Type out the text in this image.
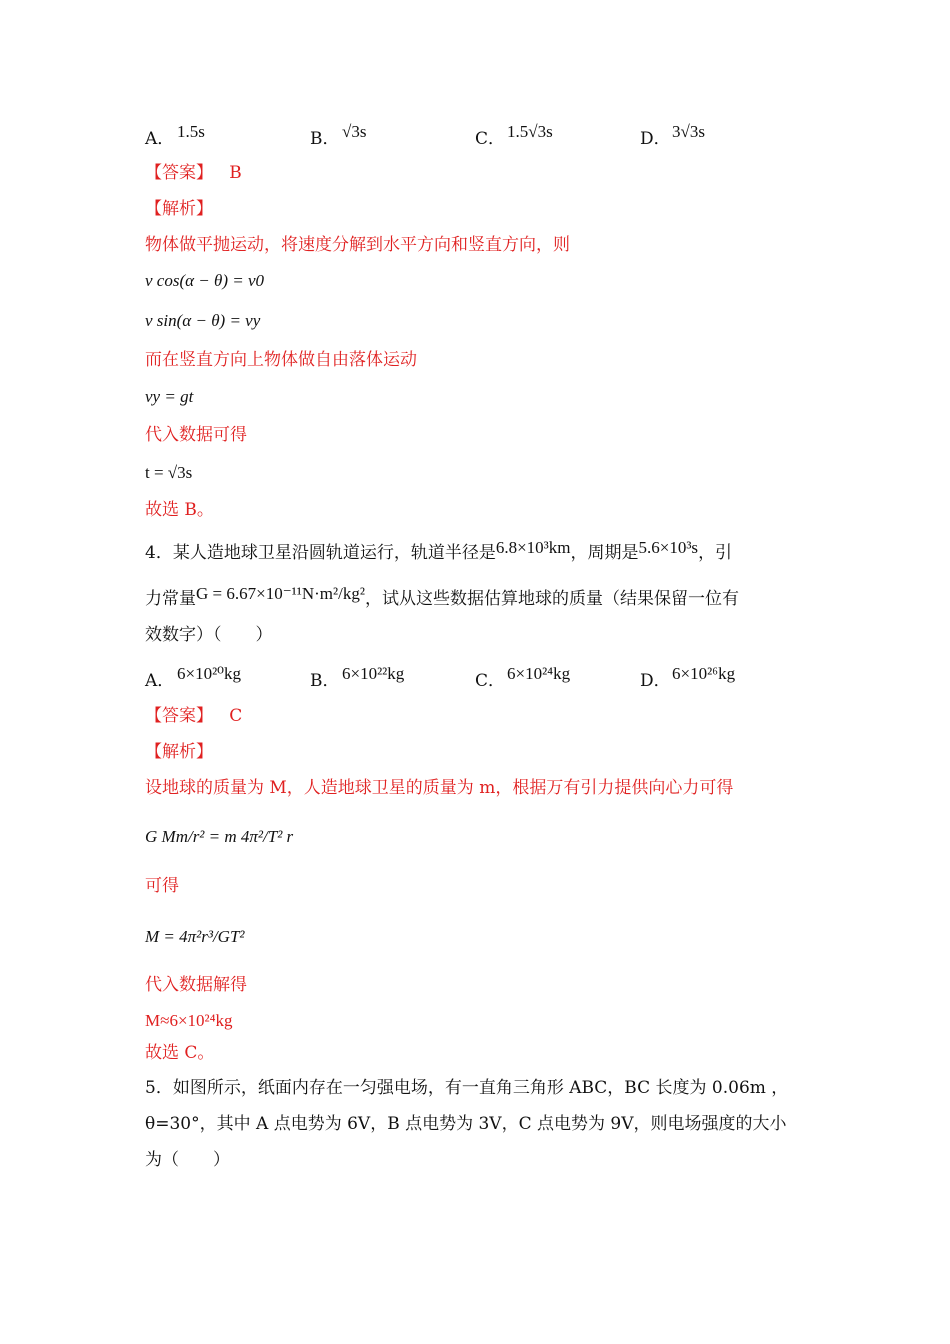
A． 1.5s	B． √3s	C． 1.5√3s	D．3√3s
【答案】 B
【解析】
物体做平抛运动，将速度分解到水平方向和竖直方向，则
v cos(α − θ) = v0
v sin(α − θ) = vy
而在竖直方向上物体做自由落体运动
vy = gt
代入数据可得
t = √3s
故选 B。
4．某人造地球卫星沿圆轨道运行，轨道半径是6.8×10³km，周期是5.6×10³s，引
力常量G = 6.67×10⁻¹¹N·m²/kg²，试从这些数据估算地球的质量（结果保留一位有
效数字）（　　）
A． 6×10²⁰kg	B． 6×10²²kg	C． 6×10²⁴kg	D．6×10²⁶kg
【答案】 C
【解析】
设地球的质量为 M，人造地球卫星的质量为 m，根据万有引力提供向心力可得
G Mm/r² = m 4π²/T² r
可得
M = 4π²r³/GT²
代入数据解得
M≈6×10²⁴kg
故选 C。
5．如图所示，纸面内存在一匀强电场，有一直角三角形 ABC，BC 长度为 0.06m ，
θ=30°，其中 A 点电势为 6V，B 点电势为 3V，C 点电势为 9V，则电场强度的大小
为（　　）
